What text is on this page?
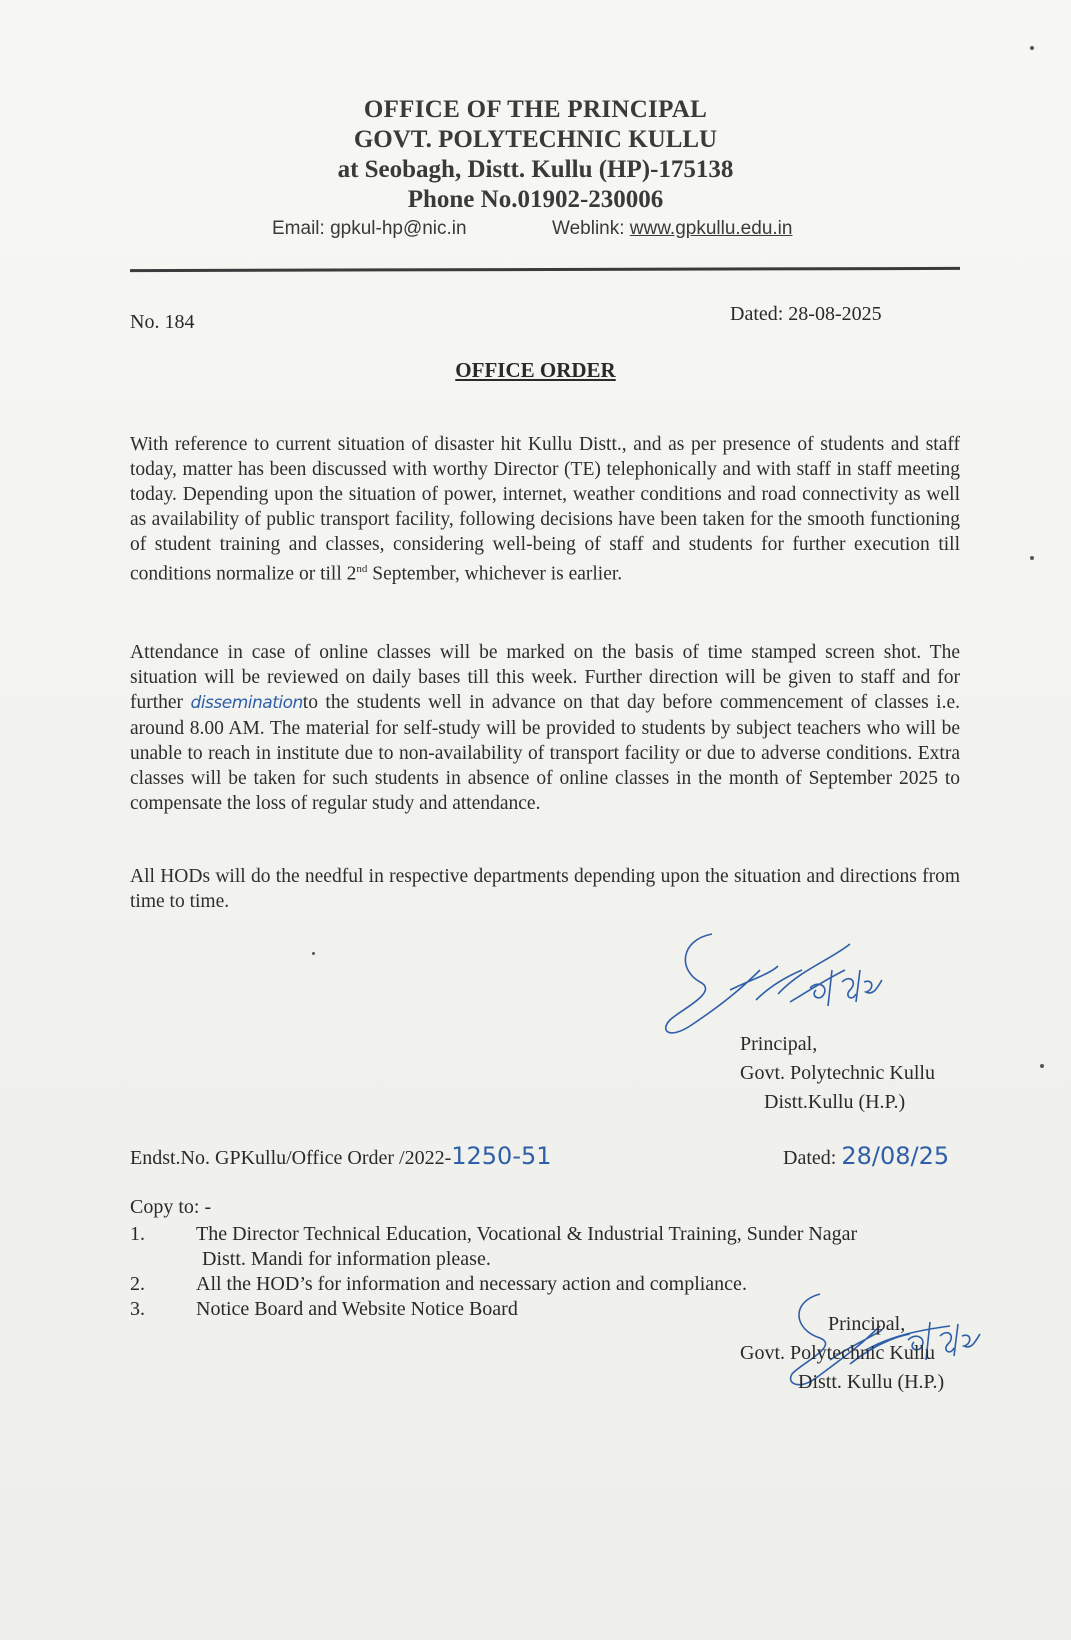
OFFICE OF THE PRINCIPAL
GOVT. POLYTECHNIC KULLU
at Seobagh, Distt. Kullu (HP)-175138
Phone No.01902-230006
Email: gpkul-hp@nic.in	Weblink: www.gpkullu.edu.in
No. 184	Dated: 28-08-2025
OFFICE ORDER
With reference to current situation of disaster hit Kullu Distt., and as per presence of students and staff today, matter has been discussed with worthy Director (TE) telephonically and with staff in staff meeting today. Depending upon the situation of power, internet, weather conditions and road connectivity as well as availability of public transport facility, following decisions have been taken for the smooth functioning of student training and classes, considering well-being of staff and students for further execution till conditions normalize or till 2nd September, whichever is earlier.
Attendance in case of online classes will be marked on the basis of time stamped screen shot. The situation will be reviewed on daily bases till this week. Further direction will be given to staff and for further disseminationto the students well in advance on that day before commencement of classes i.e. around 8.00 AM. The material for self-study will be provided to students by subject teachers who will be unable to reach in institute due to non-availability of transport facility or due to adverse conditions. Extra classes will be taken for such students in absence of online classes in the month of September 2025 to compensate the loss of regular study and attendance.
All HODs will do the needful in respective departments depending upon the situation and directions from time to time.
Principal,
Govt. Polytechnic Kullu
Distt.Kullu (H.P.)
Endst.No. GPKullu/Office Order /2022-1250-51	Dated: 28/08/25
Copy to: -
1.	The Director Technical Education, Vocational & Industrial Training, Sunder Nagar
Distt. Mandi for information please.
2.	All the HOD’s for information and necessary action and compliance.
3.	Notice Board and Website Notice Board
Principal,
Govt. Polytechnic Kullu
Distt. Kullu (H.P.)
